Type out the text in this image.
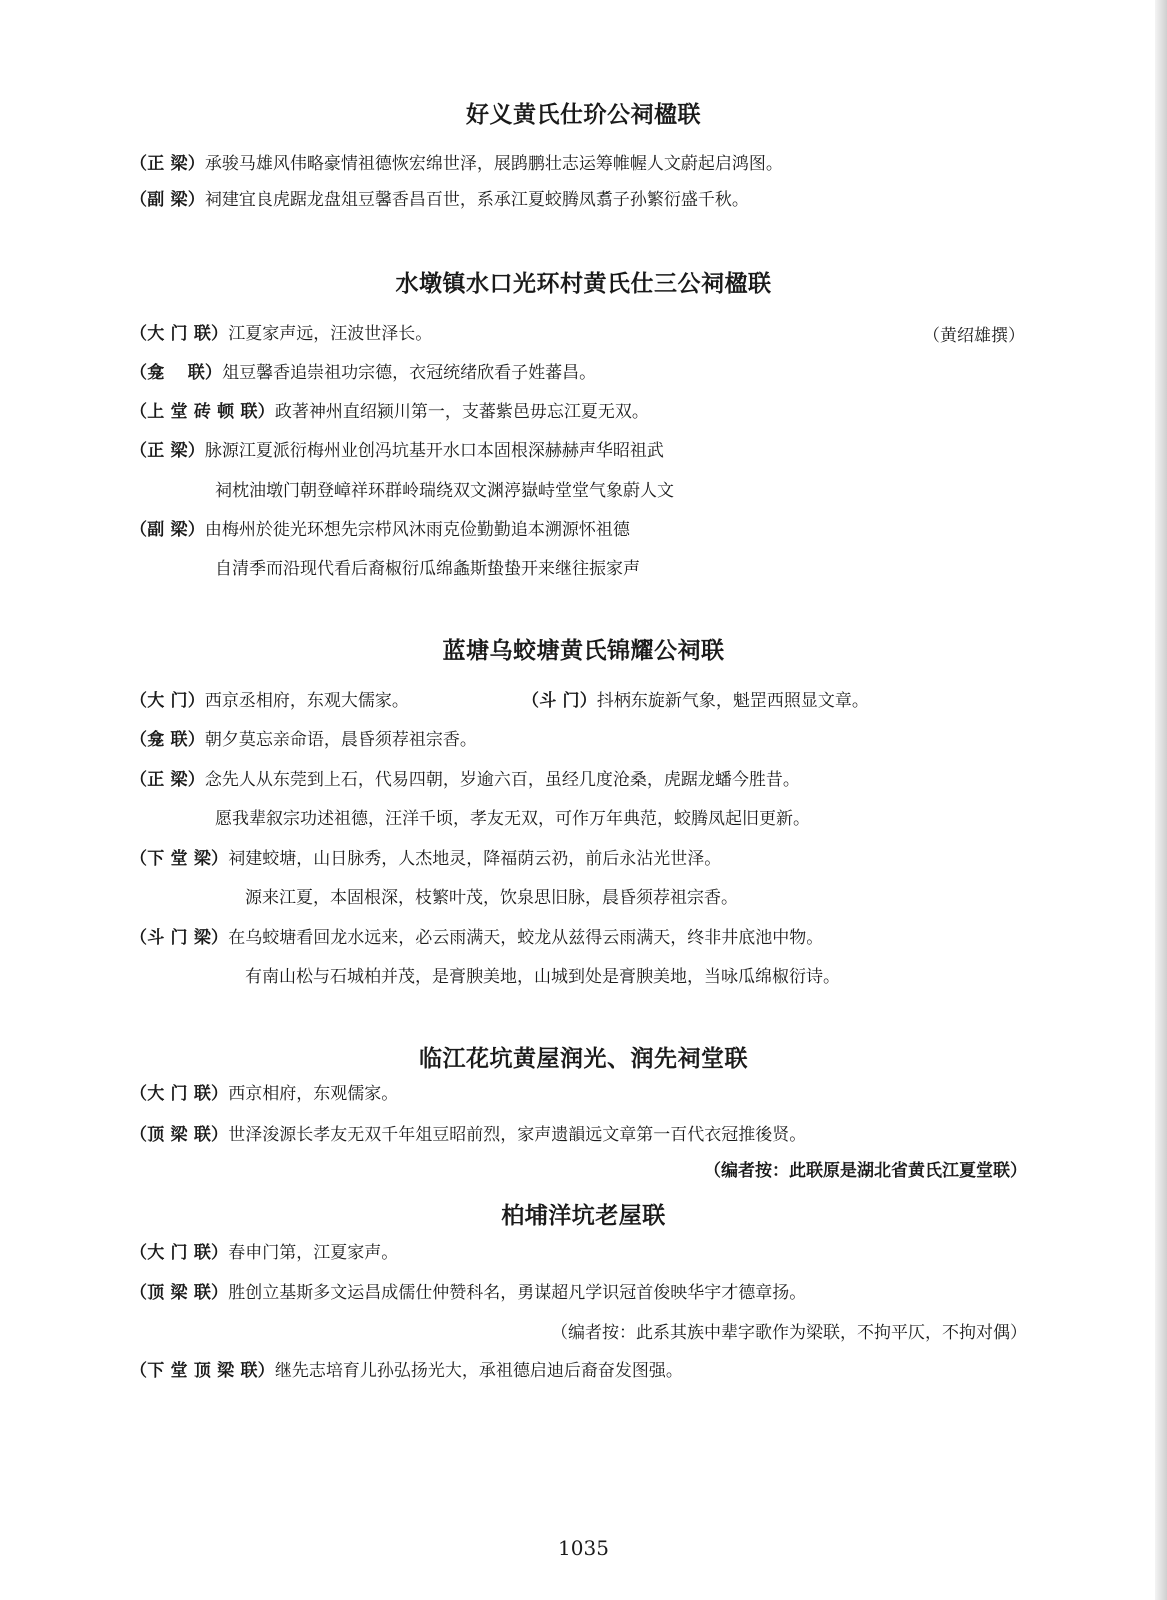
好义黄氏仕玠公祠楹联
（正 梁）承骏马雄风伟略豪情祖德恢宏绵世泽，展鹍鹏壮志运筹帷幄人文蔚起启鸿图。
（副 梁）祠建宜良虎踞龙盘俎豆馨香昌百世，系承江夏蛟腾凤翥子孙繁衍盛千秋。
水墩镇水口光环村黄氏仕三公祠楹联
（大 门 联）江夏家声远，汪波世泽长。	（黄绍雄撰）
（龛　 联）俎豆馨香追崇祖功宗德，衣冠统绪欣看子姓蕃昌。
（上 堂 砖 顿 联）政著神州直绍颍川第一，支蕃紫邑毋忘江夏无双。
（正 梁）脉源江夏派衍梅州业创冯坑基开水口本固根深赫赫声华昭祖武
祠枕油墩门朝登嶂祥环群岭瑞绕双文渊渟嶽峙堂堂气象蔚人文
（副 梁）由梅州於徙光环想先宗栉风沐雨克俭勤勤追本溯源怀祖德
自清季而沿现代看后裔椒衍瓜绵螽斯蛰蛰开来继往振家声
蓝塘乌蛟塘黄氏锦耀公祠联
（大 门）西京丞相府，东观大儒家。	（斗 门）抖柄东旋新气象，魁罡西照显文章。
（龛 联）朝夕莫忘亲命语，晨昏须荐祖宗香。
（正 梁）念先人从东莞到上石，代易四朝，岁逾六百，虽经几度沧桑，虎踞龙蟠今胜昔。
愿我辈叙宗功述祖德，汪洋千顷，孝友无双，可作万年典范，蛟腾凤起旧更新。
（下 堂 梁）祠建蛟塘，山日脉秀，人杰地灵，降福荫云礽，前后永沾光世泽。
源来江夏，本固根深，枝繁叶茂，饮泉思旧脉，晨昏须荐祖宗香。
（斗 门 梁）在乌蛟塘看回龙水远来，必云雨满天，蛟龙从兹得云雨满天，终非井底池中物。
有南山松与石城柏并茂，是膏腴美地，山城到处是膏腴美地，当咏瓜绵椒衍诗。
临江花坑黄屋润光、润先祠堂联
（大 门 联）西京相府，东观儒家。
（顶 梁 联）世泽浚源长孝友无双千年俎豆昭前烈，家声遗韻远文章第一百代衣冠推後贤。
（编者按：此联原是湖北省黄氏江夏堂联）
柏埔洋坑老屋联
（大 门 联）春申门第，江夏家声。
（顶 梁 联）胜创立基斯多文运昌成儒仕仲赞科名，勇谋超凡学识冠首俊映华宇才德章扬。
（编者按：此系其族中辈字歌作为梁联，不拘平仄，不拘对偶）
（下 堂 顶 梁 联）继先志培育儿孙弘扬光大，承祖德启迪后裔奋发图强。
1035
